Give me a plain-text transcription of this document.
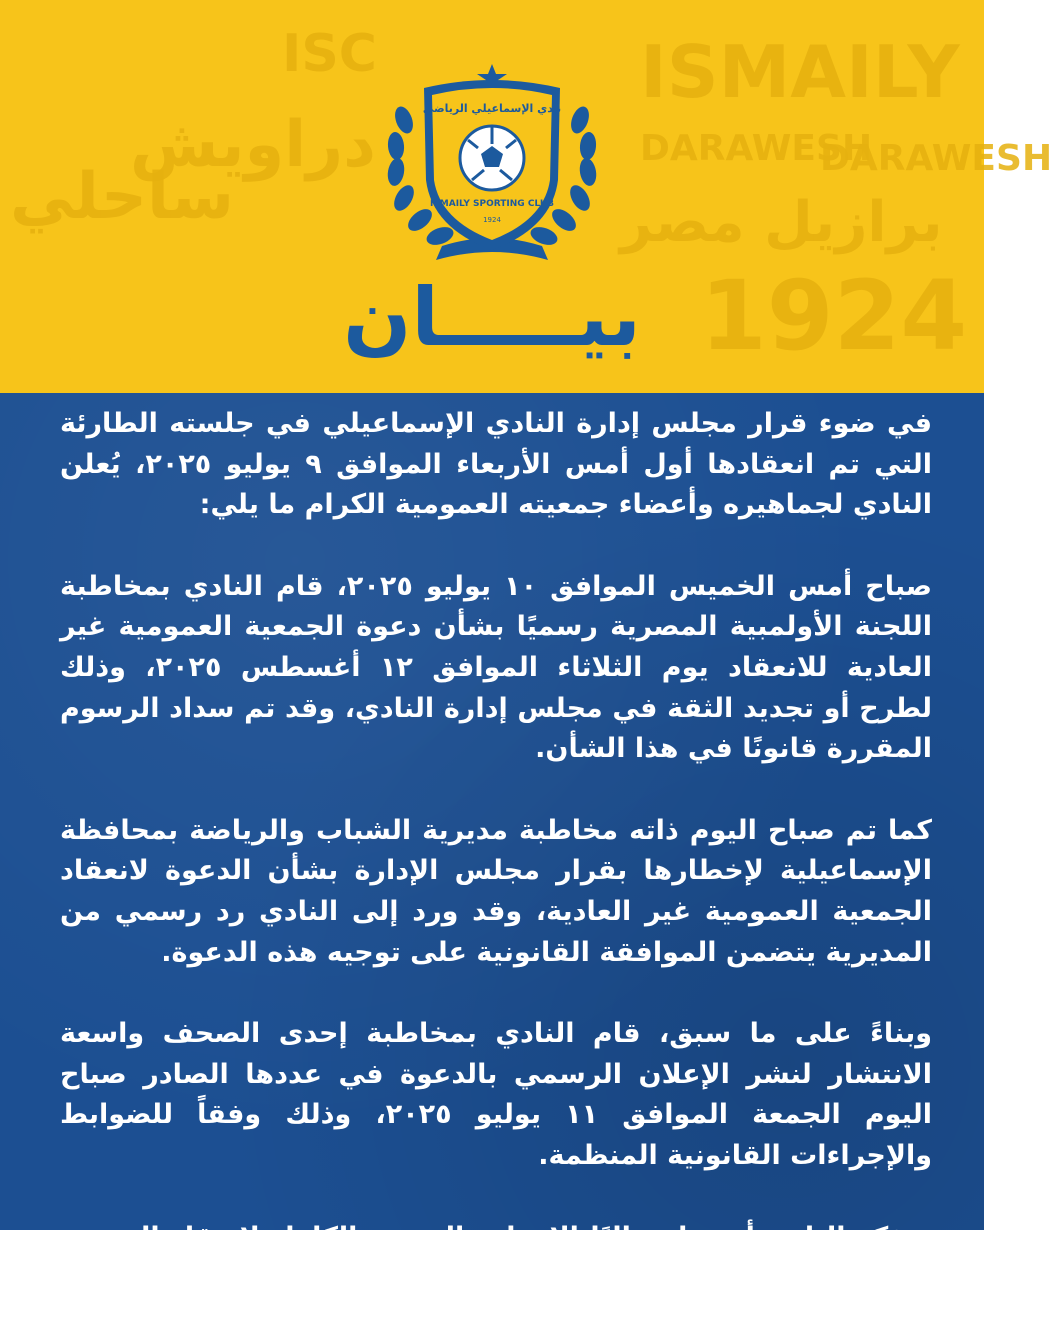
ISMAILY
DARAWESH
DARAWESH
ISC
1924
برازيل مصر
دراويش
ساحلي
نادي الإسماعيلي الرياضي
ISMAILY SPORTING CLUB
1924
بيـــــان

في ضوء قرار مجلس إدارة النادي الإسماعيلي في جلسته الطارئة التي تم انعقادها أول أمس الأربعاء الموافق ٩ يوليو ٢٠٢٥، يُعلن النادي لجماهيره وأعضاء جمعيته العمومية الكرام ما يلي:

صباح أمس الخميس الموافق ١٠ يوليو ٢٠٢٥، قام النادي بمخاطبة اللجنة الأولمبية المصرية رسميًا بشأن دعوة الجمعية العمومية غير العادية للانعقاد يوم الثلاثاء الموافق ١٢ أغسطس ٢٠٢٥، وذلك لطرح أو تجديد الثقة في مجلس إدارة النادي، وقد تم سداد الرسوم المقررة قانونًا في هذا الشأن.

كما تم صباح اليوم ذاته مخاطبة مديرية الشباب والرياضة بمحافظة الإسماعيلية لإخطارها بقرار مجلس الإدارة بشأن الدعوة لانعقاد الجمعية العمومية غير العادية، وقد ورد إلى النادي رد رسمي من المديرية يتضمن الموافقة القانونية على توجيه هذه الدعوة.

وبناءً على ما سبق، قام النادي بمخاطبة إحدى الصحف واسعة الانتشار لنشر الإعلان الرسمي بالدعوة في عددها الصادر صباح اليوم الجمعة الموافق ١١ يوليو ٢٠٢٥، وذلك وفقاً للضوابط والإجراءات القانونية المنظمة.

ويؤكد النادي أنه جارٍ حاليًا الإعداد والتجهيز الكامل لانعقاد الجمعية العمومية غير العادية في الموعد المقرر، بما يضمن تنظيمها بشكل لائق ووفق القوانين واللوائح المعمول بها.
